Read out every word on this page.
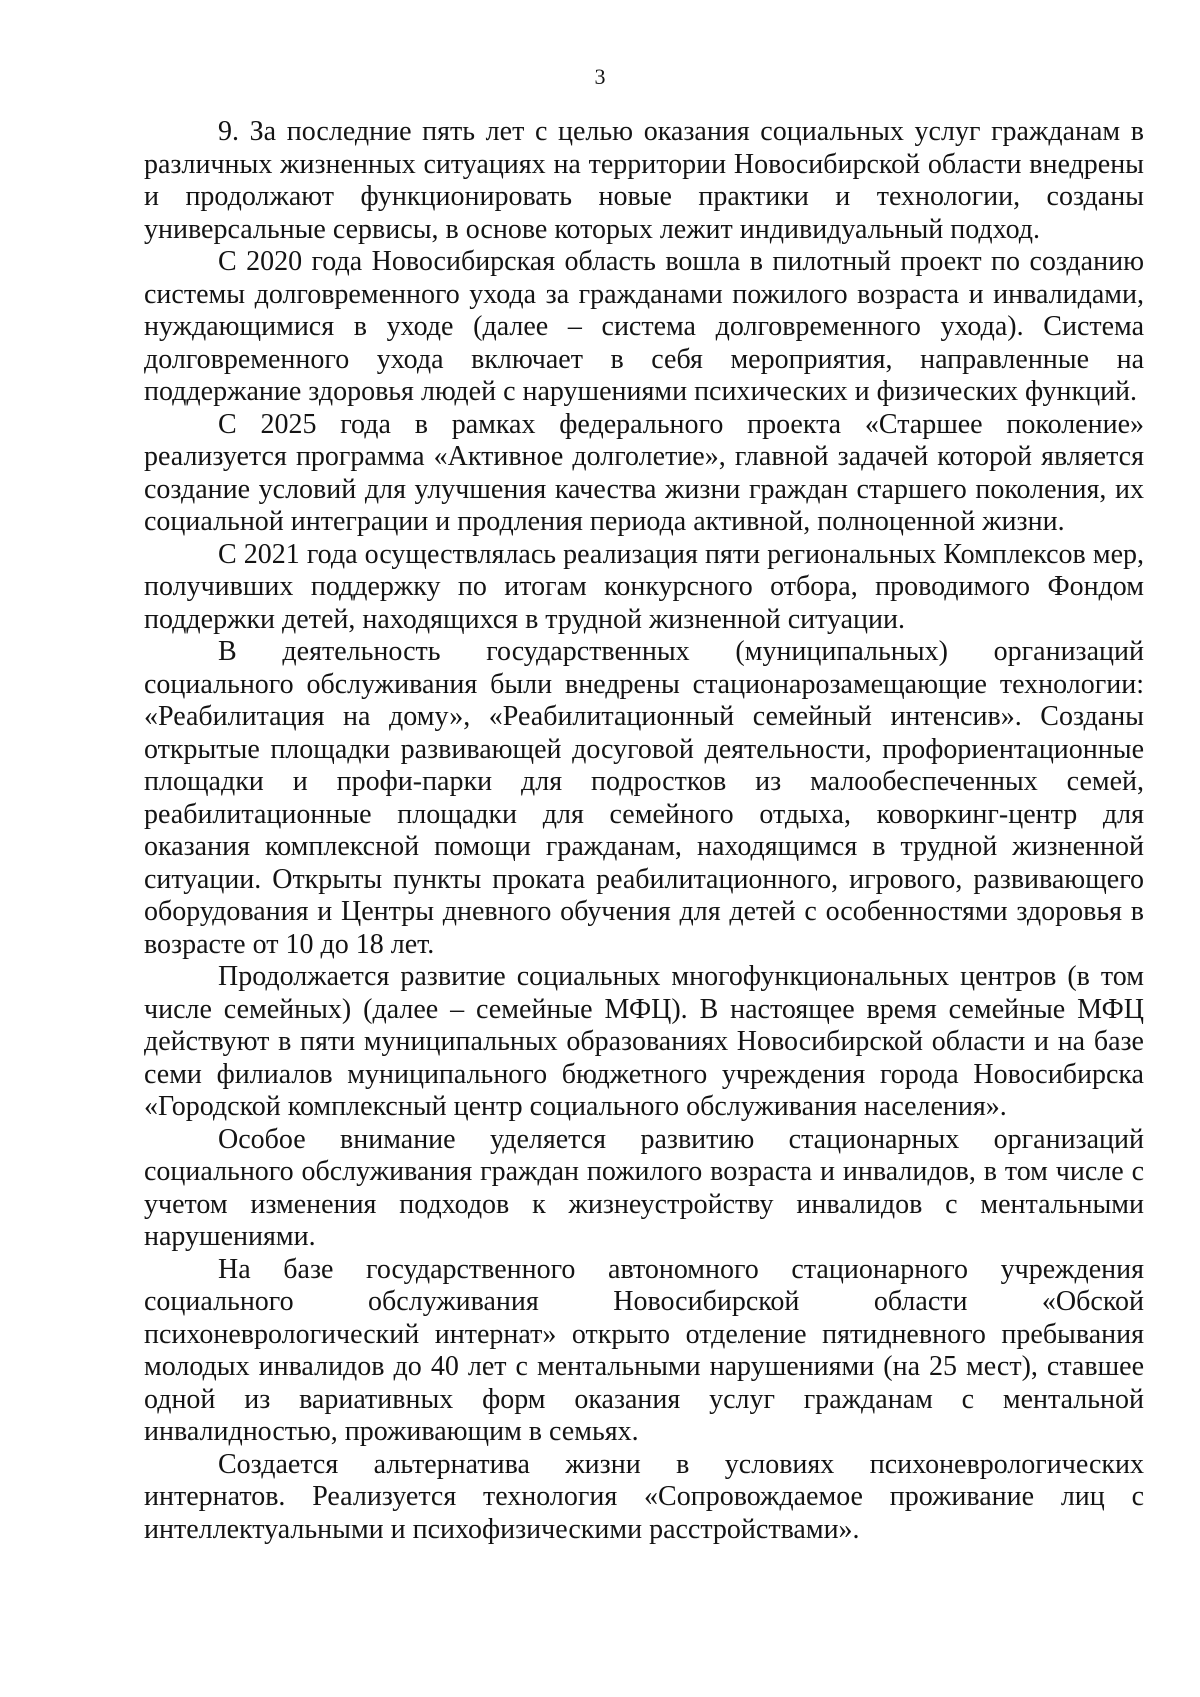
3

9. За последние пять лет с целью оказания социальных услуг гражданам в различных жизненных ситуациях на территории Новосибирской области внедрены и продолжают функционировать новые практики и технологии, созданы универсальные сервисы, в основе которых лежит индивидуальный подход.

С 2020 года Новосибирская область вошла в пилотный проект по созданию системы долговременного ухода за гражданами пожилого возраста и инвалидами, нуждающимися в уходе (далее – система долговременного ухода). Система долговременного ухода включает в себя мероприятия, направленные на поддержание здоровья людей с нарушениями психических и физических функций.

С 2025 года в рамках федерального проекта «Старшее поколение» реализуется программа «Активное долголетие», главной задачей которой является создание условий для улучшения качества жизни граждан старшего поколения, их социальной интеграции и продления периода активной, полноценной жизни.

С 2021 года осуществлялась реализация пяти региональных Комплексов мер, получивших поддержку по итогам конкурсного отбора, проводимого Фондом поддержки детей, находящихся в трудной жизненной ситуации.

В деятельность государственных (муниципальных) организаций социального обслуживания были внедрены стационарозамещающие технологии: «Реабилитация на дому», «Реабилитационный семейный интенсив». Созданы открытые площадки развивающей досуговой деятельности, профориентационные площадки и профи-парки для подростков из малообеспеченных семей, реабилитационные площадки для семейного отдыха, коворкинг-центр для оказания комплексной помощи гражданам, находящимся в трудной жизненной ситуации. Открыты пункты проката реабилитационного, игрового, развивающего оборудования и Центры дневного обучения для детей с особенностями здоровья в возрасте от 10 до 18 лет.

Продолжается развитие социальных многофункциональных центров (в том числе семейных) (далее – семейные МФЦ). В настоящее время семейные МФЦ действуют в пяти муниципальных образованиях Новосибирской области и на базе семи филиалов муниципального бюджетного учреждения города Новосибирска «Городской комплексный центр социального обслуживания населения».

Особое внимание уделяется развитию стационарных организаций социального обслуживания граждан пожилого возраста и инвалидов, в том числе с учетом изменения подходов к жизнеустройству инвалидов с ментальными нарушениями.

На базе государственного автономного стационарного учреждения социального обслуживания Новосибирской области «Обской психоневрологический интернат» открыто отделение пятидневного пребывания молодых инвалидов до 40 лет с ментальными нарушениями (на 25 мест), ставшее одной из вариативных форм оказания услуг гражданам с ментальной инвалидностью, проживающим в семьях.

Создается альтернатива жизни в условиях психоневрологических интернатов. Реализуется технология «Сопровождаемое проживание лиц с интеллектуальными и психофизическими расстройствами».
